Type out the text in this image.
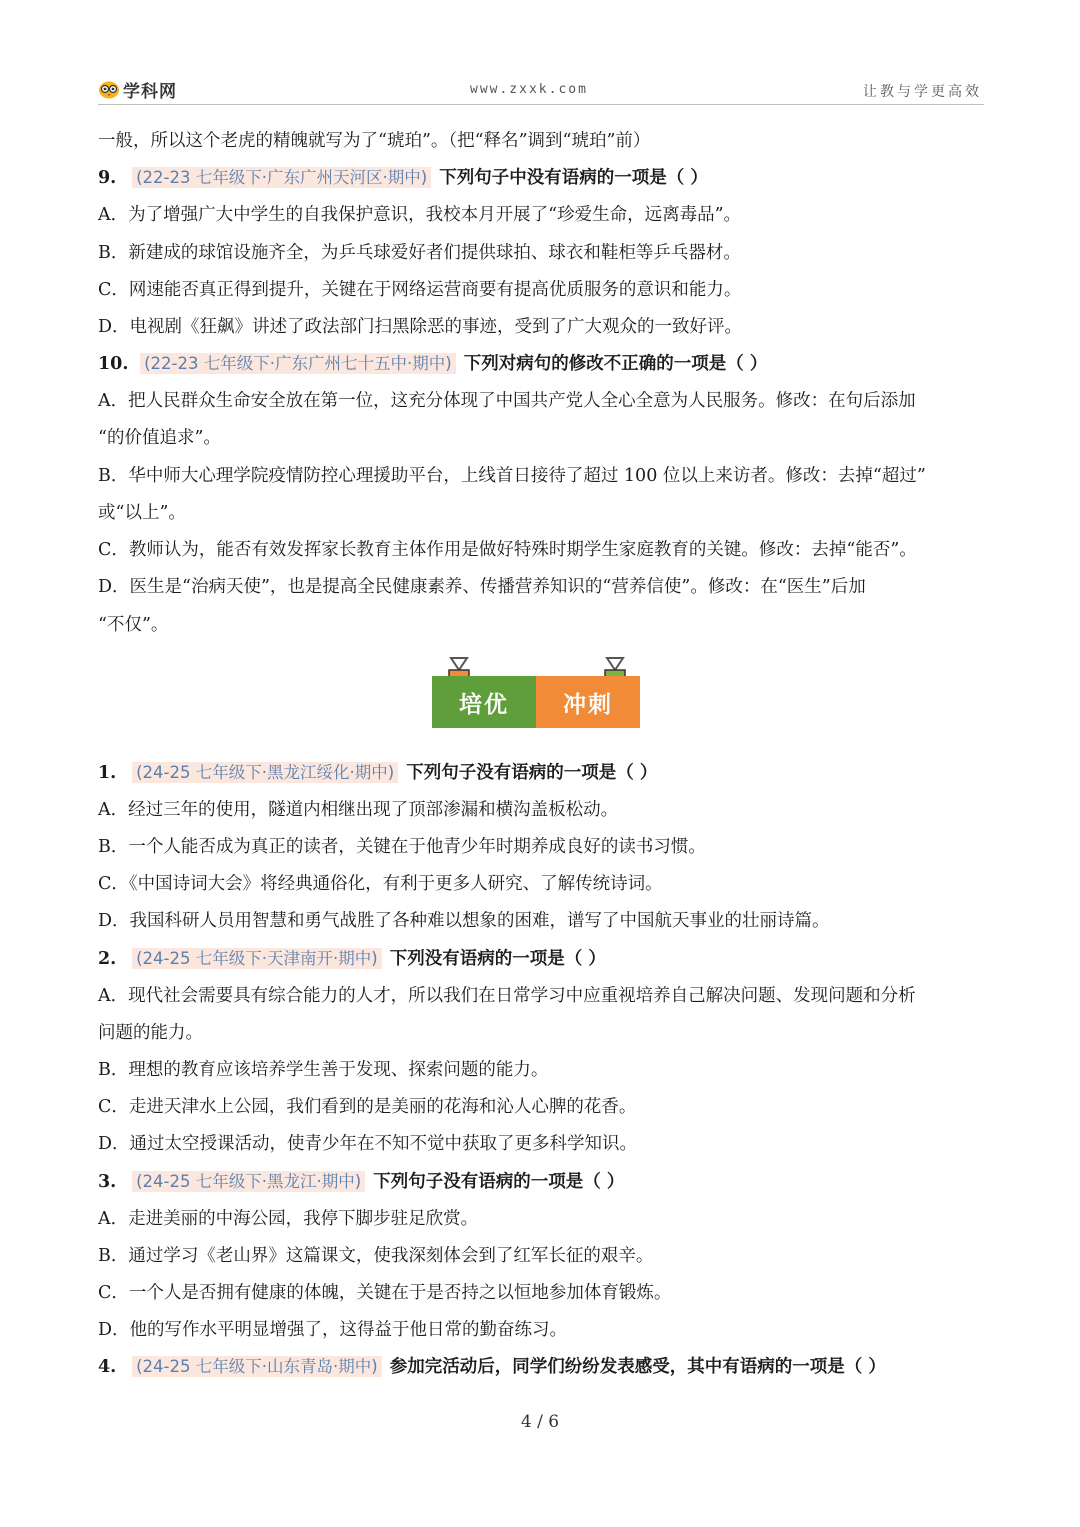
学科网	www.zxxk.com	让教与学更高效
一般，所以这个老虎的精魄就写为了“琥珀”。（把“释名”调到“琥珀”前）
9. (22-23 七年级下·广东广州天河区·期中) 下列句子中没有语病的一项是（ ）
A．为了增强广大中学生的自我保护意识，我校本月开展了“珍爱生命，远离毒品”。
B．新建成的球馆设施齐全，为乒乓球爱好者们提供球拍、球衣和鞋柜等乒乓器材。
C．网速能否真正得到提升，关键在于网络运营商要有提高优质服务的意识和能力。
D．电视剧《狂飙》讲述了政法部门扫黑除恶的事迹，受到了广大观众的一致好评。
10. (22-23 七年级下·广东广州七十五中·期中) 下列对病句的修改不正确的一项是（ ）
A．把人民群众生命安全放在第一位，这充分体现了中国共产党人全心全意为人民服务。修改：在句后添加
“的价值追求”。
B．华中师大心理学院疫情防控心理援助平台，上线首日接待了超过 100 位以上来访者。修改：去掉“超过”
或“以上”。
C．教师认为，能否有效发挥家长教育主体作用是做好特殊时期学生家庭教育的关键。修改：去掉“能否”。
D．医生是“治病天使”，也是提高全民健康素养、传播营养知识的“营养信使”。修改：在“医生”后加
“不仅”。
培优	冲刺
1. (24-25 七年级下·黑龙江绥化·期中) 下列句子没有语病的一项是（ ）
A．经过三年的使用，隧道内相继出现了顶部渗漏和横沟盖板松动。
B．一个人能否成为真正的读者，关键在于他青少年时期养成良好的读书习惯。
C．《中国诗词大会》将经典通俗化，有利于更多人研究、了解传统诗词。
D．我国科研人员用智慧和勇气战胜了各种难以想象的困难，谱写了中国航天事业的壮丽诗篇。
2. (24-25 七年级下·天津南开·期中) 下列没有语病的一项是（ ）
A．现代社会需要具有综合能力的人才，所以我们在日常学习中应重视培养自己解决问题、发现问题和分析
问题的能力。
B．理想的教育应该培养学生善于发现、探索问题的能力。
C．走进天津水上公园，我们看到的是美丽的花海和沁人心脾的花香。
D．通过太空授课活动，使青少年在不知不觉中获取了更多科学知识。
3. (24-25 七年级下·黑龙江·期中) 下列句子没有语病的一项是（ ）
A．走进美丽的中海公园，我停下脚步驻足欣赏。
B．通过学习《老山界》这篇课文，使我深刻体会到了红军长征的艰辛。
C．一个人是否拥有健康的体魄，关键在于是否持之以恒地参加体育锻炼。
D．他的写作水平明显增强了，这得益于他日常的勤奋练习。
4. (24-25 七年级下·山东青岛·期中) 参加完活动后，同学们纷纷发表感受，其中有语病的一项是（ ）
4 / 6
